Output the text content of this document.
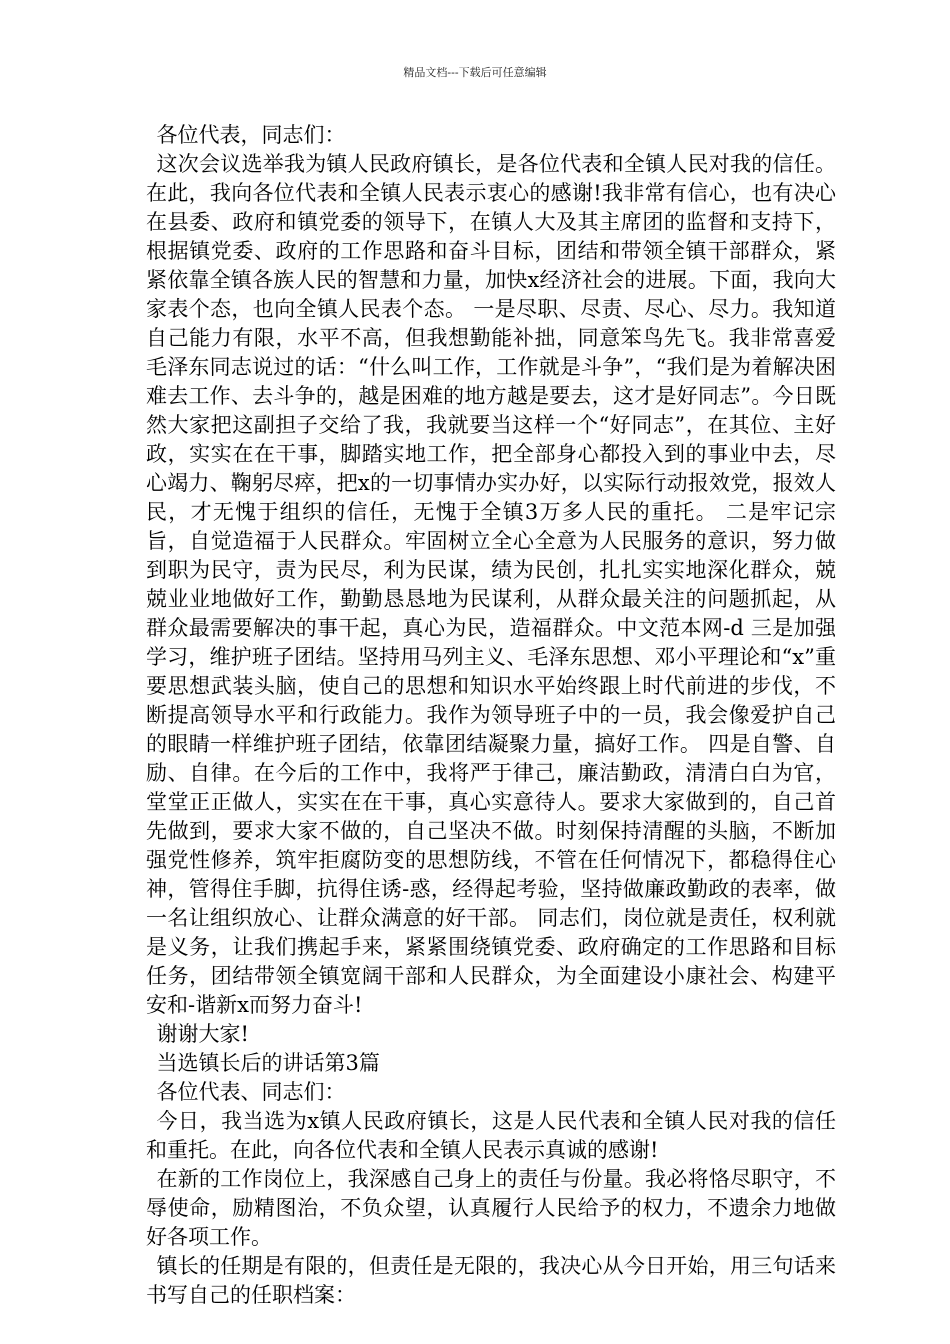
精品文档---下载后可任意编辑

各位代表，同志们：

这次会议选举我为镇人民政府镇长，是各位代表和全镇人民对我的信任。在此，我向各位代表和全镇人民表示衷心的感谢!我非常有信心，也有决心在县委、政府和镇党委的领导下，在镇人大及其主席团的监督和支持下，根据镇党委、政府的工作思路和奋斗目标，团结和带领全镇干部群众，紧紧依靠全镇各族人民的智慧和力量，加快x经济社会的进展。下面，我向大家表个态，也向全镇人民表个态。 一是尽职、尽责、尽心、尽力。我知道自己能力有限，水平不高，但我想勤能补拙，同意笨鸟先飞。我非常喜爱毛泽东同志说过的话：“什么叫工作，工作就是斗争”，“我们是为着解决困难去工作、去斗争的，越是困难的地方越是要去，这才是好同志”。今日既然大家把这副担子交给了我，我就要当这样一个“好同志”，在其位、主好政，实实在在干事，脚踏实地工作，把全部身心都投入到的事业中去，尽心竭力、鞠躬尽瘁，把x的一切事情办实办好，以实际行动报效党，报效人民，才无愧于组织的信任，无愧于全镇3万多人民的重托。 二是牢记宗旨，自觉造福于人民群众。牢固树立全心全意为人民服务的意识，努力做到职为民守，责为民尽，利为民谋，绩为民创，扎扎实实地深化群众，兢兢业业地做好工作，勤勤恳恳地为民谋利，从群众最关注的问题抓起，从群众最需要解决的事干起，真心为民，造福群众。中文范本网-d 三是加强学习，维护班子团结。坚持用马列主义、毛泽东思想、邓小平理论和“x”重要思想武装头脑，使自己的思想和知识水平始终跟上时代前进的步伐，不断提高领导水平和行政能力。我作为领导班子中的一员，我会像爱护自己的眼睛一样维护班子团结，依靠团结凝聚力量，搞好工作。 四是自警、自励、自律。在今后的工作中，我将严于律己，廉洁勤政，清清白白为官，堂堂正正做人，实实在在干事，真心实意待人。要求大家做到的，自己首先做到，要求大家不做的，自己坚决不做。时刻保持清醒的头脑，不断加强党性修养，筑牢拒腐防变的思想防线，不管在任何情况下，都稳得住心神，管得住手脚，抗得住诱-惑，经得起考验，坚持做廉政勤政的表率，做一名让组织放心、让群众满意的好干部。 同志们，岗位就是责任，权利就是义务，让我们携起手来，紧紧围绕镇党委、政府确定的工作思路和目标任务，团结带领全镇宽阔干部和人民群众，为全面建设小康社会、构建平安和-谐新x而努力奋斗!

谢谢大家!

当选镇长后的讲话第3篇

各位代表、同志们：

今日，我当选为x镇人民政府镇长，这是人民代表和全镇人民对我的信任和重托。在此，向各位代表和全镇人民表示真诚的感谢!

在新的工作岗位上，我深感自己身上的责任与份量。我必将恪尽职守，不辱使命，励精图治，不负众望，认真履行人民给予的权力，不遗余力地做好各项工作。

镇长的任期是有限的，但责任是无限的，我决心从今日开始，用三句话来书写自己的任职档案：
